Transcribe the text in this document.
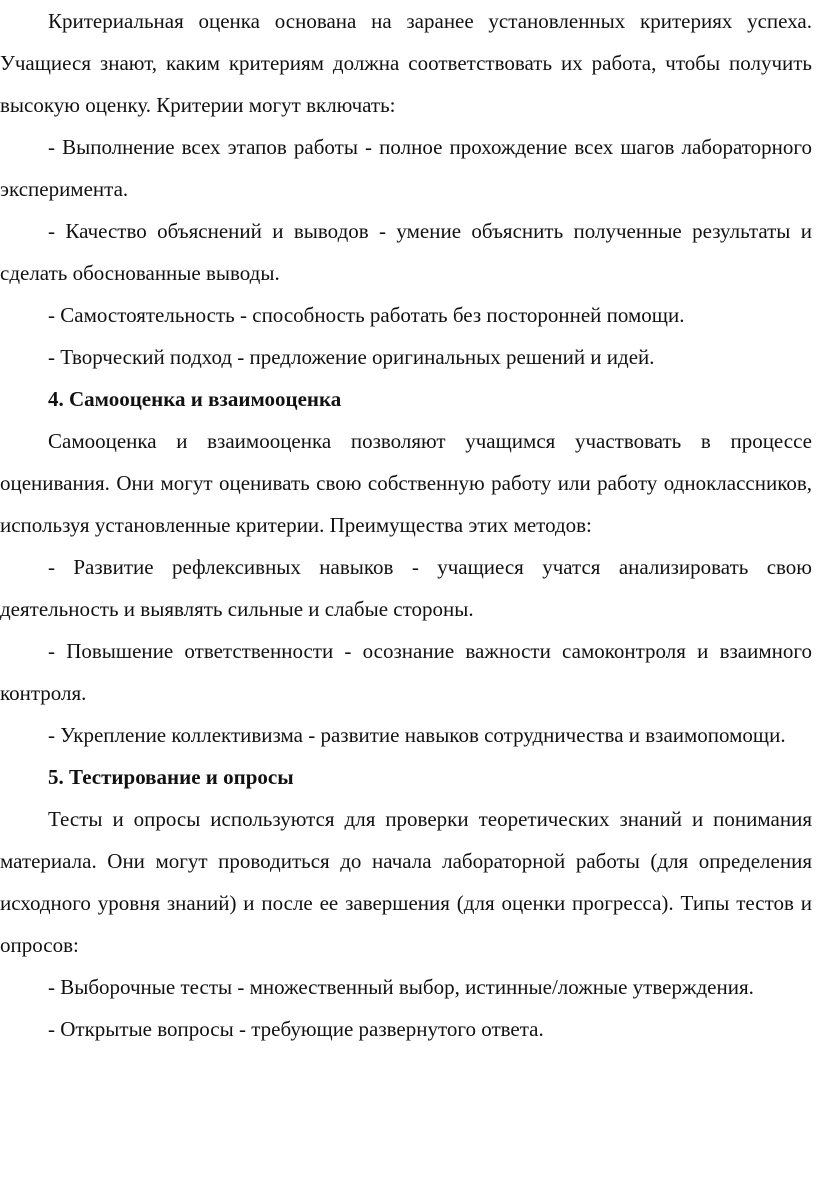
Критериальная оценка основана на заранее установленных критериях успеха. Учащиеся знают, каким критериям должна соответствовать их работа, чтобы получить высокую оценку. Критерии могут включать:

- Выполнение всех этапов работы - полное прохождение всех шагов лабораторного эксперимента.

- Качество объяснений и выводов - умение объяснить полученные результаты и сделать обоснованные выводы.

- Самостоятельность - способность работать без посторонней помощи.

- Творческий подход - предложение оригинальных решений и идей.

4. Самооценка и взаимооценка

Самооценка и взаимооценка позволяют учащимся участвовать в процессе оценивания. Они могут оценивать свою собственную работу или работу одноклассников, используя установленные критерии. Преимущества этих методов:

- Развитие рефлексивных навыков - учащиеся учатся анализировать свою деятельность и выявлять сильные и слабые стороны.

- Повышение ответственности - осознание важности самоконтроля и взаимного контроля.

- Укрепление коллективизма - развитие навыков сотрудничества и взаимопомощи.

5. Тестирование и опросы

Тесты и опросы используются для проверки теоретических знаний и понимания материала. Они могут проводиться до начала лабораторной работы (для определения исходного уровня знаний) и после ее завершения (для оценки прогресса). Типы тестов и опросов:

- Выборочные тесты - множественный выбор, истинные/ложные утверждения.

- Открытые вопросы - требующие развернутого ответа.
